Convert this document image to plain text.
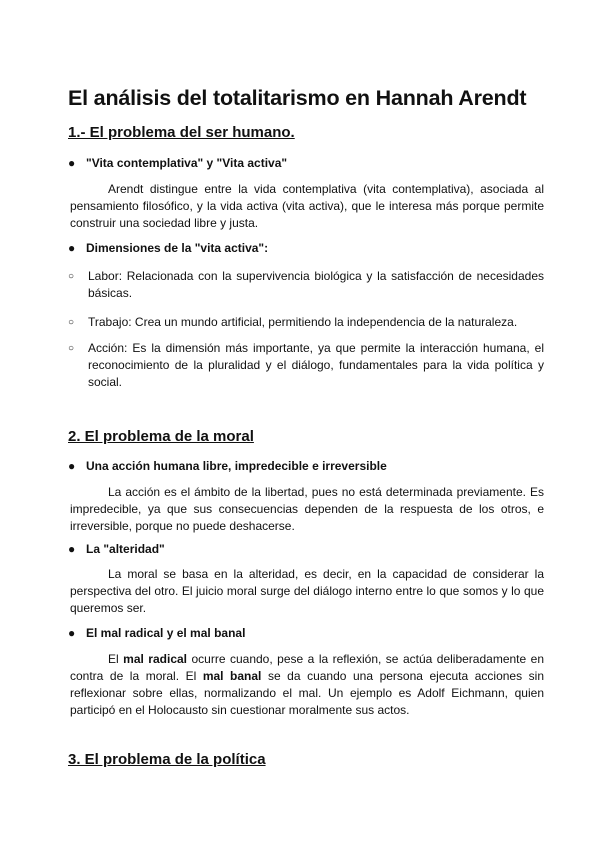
El análisis del totalitarismo en Hannah Arendt
1.- El problema del ser humano.
● "Vita contemplativa" y "Vita activa"

Arendt distingue entre la vida contemplativa (vita contemplativa), asociada al pensamiento filosófico, y la vida activa (vita activa), que le interesa más porque permite construir una sociedad libre y justa.

● Dimensiones de la "vita activa":
○ Labor: Relacionada con la supervivencia biológica y la satisfacción de necesidades básicas.
○ Trabajo: Crea un mundo artificial, permitiendo la independencia de la naturaleza.
○ Acción: Es la dimensión más importante, ya que permite la interacción humana, el reconocimiento de la pluralidad y el diálogo, fundamentales para la vida política y social.
2. El problema de la moral
● Una acción humana libre, impredecible e irreversible

La acción es el ámbito de la libertad, pues no está determinada previamente. Es impredecible, ya que sus consecuencias dependen de la respuesta de los otros, e irreversible, porque no puede deshacerse.

● La "alteridad"

La moral se basa en la alteridad, es decir, en la capacidad de considerar la perspectiva del otro. El juicio moral surge del diálogo interno entre lo que somos y lo que queremos ser.

● El mal radical y el mal banal

El mal radical ocurre cuando, pese a la reflexión, se actúa deliberadamente en contra de la moral. El mal banal se da cuando una persona ejecuta acciones sin reflexionar sobre ellas, normalizando el mal. Un ejemplo es Adolf Eichmann, quien participó en el Holocausto sin cuestionar moralmente sus actos.

3. El problema de la política
